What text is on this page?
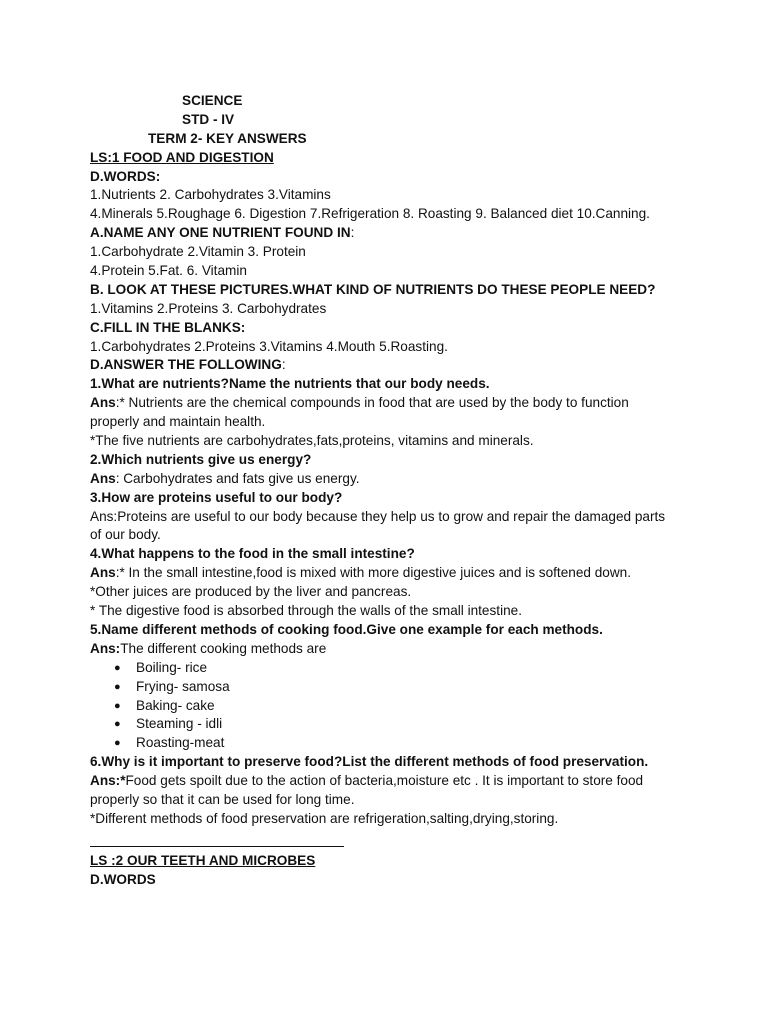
SCIENCE
STD - IV
TERM 2- KEY ANSWERS
LS:1 FOOD AND DIGESTION
D.WORDS:
1.Nutrients 2. Carbohydrates 3.Vitamins
4.Minerals 5.Roughage 6. Digestion 7.Refrigeration 8. Roasting 9. Balanced diet 10.Canning.
A.NAME ANY ONE NUTRIENT FOUND IN:
1.Carbohydrate 2.Vitamin 3. Protein
4.Protein 5.Fat. 6. Vitamin
B. LOOK AT THESE PICTURES.WHAT KIND OF NUTRIENTS DO THESE PEOPLE NEED?
1.Vitamins 2.Proteins 3. Carbohydrates
C.FILL IN THE BLANKS:
1.Carbohydrates 2.Proteins 3.Vitamins 4.Mouth 5.Roasting.
D.ANSWER THE FOLLOWING:
1.What are nutrients?Name the nutrients that our body needs.
Ans:* Nutrients are the chemical compounds in food that are used by the body to function
properly and maintain health.
*The five nutrients are carbohydrates,fats,proteins, vitamins and minerals.
2.Which nutrients give us energy?
Ans: Carbohydrates and fats give us energy.
3.How are proteins useful to our body?
Ans:Proteins are useful to our body because they help us to grow and repair the damaged parts
of our body.
4.What happens to the food in the small intestine?
Ans:* In the small intestine,food is mixed with more digestive juices and is softened down.
*Other juices are produced by the liver and pancreas.
* The digestive food is absorbed through the walls of the small intestine.
5.Name different methods of cooking food.Give one example for each methods.
Ans:The different cooking methods are
● Boiling- rice
● Frying- samosa
● Baking- cake
● Steaming - idli
● Roasting-meat
6.Why is it important to preserve food?List the different methods of food preservation.
Ans:*Food gets spoilt due to the action of bacteria,moisture etc . It is important to store food
properly so that it can be used for long time.
*Different methods of food preservation are refrigeration,salting,drying,storing.
LS :2 OUR TEETH AND MICROBES
D.WORDS
